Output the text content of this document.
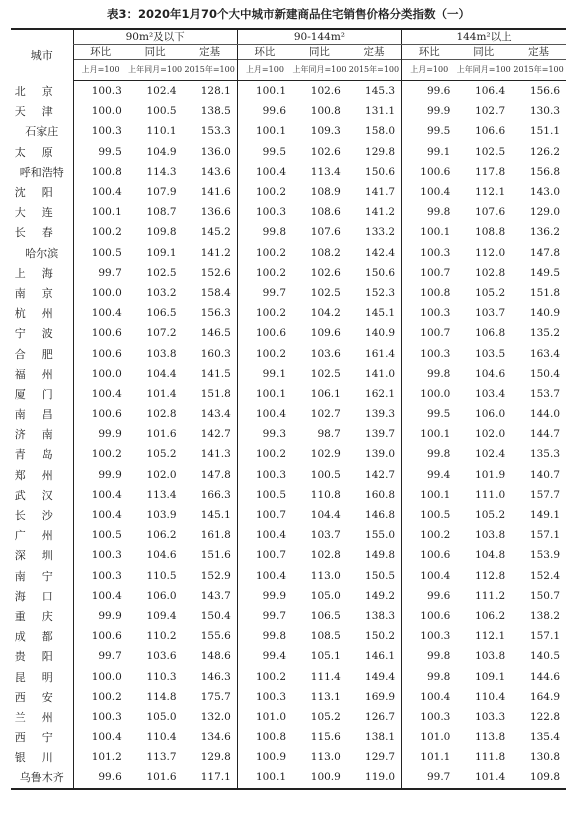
表3：2020年1月70个大中城市新建商品住宅销售价格分类指数（一）
城市	90m²及以下			90-144m²			144m²以上		
	环比	同比	定基	环比	同比	定基	环比	同比	定基
	上月=100	上年同月=100	2015年=100	上月=100	上年同月=100	2015年=100	上月=100	上年同月=100	2015年=100
北京	100.3	102.4	128.1	100.1	102.6	145.3	99.6	106.4	156.6
天津	100.0	100.5	138.5	99.6	100.8	131.1	99.9	102.7	130.3
石家庄	100.3	110.1	153.3	100.1	109.3	158.0	99.5	106.6	151.1
太原	99.5	104.9	136.0	99.5	102.6	129.8	99.1	102.5	126.2
呼和浩特	100.8	114.3	143.6	100.4	113.4	150.6	100.6	117.8	156.8
沈阳	100.4	107.9	141.6	100.2	108.9	141.7	100.4	112.1	143.0
大连	100.1	108.7	136.6	100.3	108.6	141.2	99.8	107.6	129.0
长春	100.2	109.8	145.2	99.8	107.6	133.2	100.1	108.8	136.2
哈尔滨	100.5	109.1	141.2	100.2	108.2	142.4	100.3	112.0	147.8
上海	99.7	102.5	152.6	100.2	102.6	150.6	100.7	102.8	149.5
南京	100.0	103.2	158.4	99.7	102.5	152.3	100.8	105.2	151.8
杭州	100.4	106.5	156.3	100.2	104.2	145.1	100.3	103.7	140.9
宁波	100.6	107.2	146.5	100.6	109.6	140.9	100.7	106.8	135.2
合肥	100.6	103.8	160.3	100.2	103.6	161.4	100.3	103.5	163.4
福州	100.0	104.4	141.5	99.1	102.5	141.0	99.8	104.6	150.4
厦门	100.4	101.4	151.8	100.1	106.1	162.1	100.0	103.4	153.7
南昌	100.6	102.8	143.4	100.4	102.7	139.3	99.5	106.0	144.0
济南	99.9	101.6	142.7	99.3	98.7	139.7	100.1	102.0	144.7
青岛	100.2	105.2	141.3	100.2	102.9	139.0	99.8	102.4	135.3
郑州	99.9	102.0	147.8	100.3	100.5	142.7	99.4	101.9	140.7
武汉	100.4	113.4	166.3	100.5	110.8	160.8	100.1	111.0	157.7
长沙	100.4	103.9	145.1	100.7	104.4	146.8	100.5	105.2	149.1
广州	100.5	106.2	161.8	100.4	103.7	155.0	100.2	103.8	157.1
深圳	100.3	104.6	151.6	100.7	102.8	149.8	100.6	104.8	153.9
南宁	100.3	110.5	152.9	100.4	113.0	150.5	100.4	112.8	152.4
海口	100.4	106.0	143.7	99.9	105.0	149.2	99.6	111.2	150.7
重庆	99.9	109.4	150.4	99.7	106.5	138.3	100.6	106.2	138.2
成都	100.6	110.2	155.6	99.8	108.5	150.2	100.3	112.1	157.1
贵阳	99.7	103.6	148.6	99.4	105.1	146.1	99.8	103.8	140.5
昆明	100.0	110.3	146.3	100.2	111.4	149.4	99.8	109.1	144.6
西安	100.2	114.8	175.7	100.3	113.1	169.9	100.4	110.4	164.9
兰州	100.3	105.0	132.0	101.0	105.2	126.7	100.3	103.3	122.8
西宁	100.4	110.4	134.6	100.8	115.6	138.1	101.0	113.8	135.4
银川	101.2	113.7	129.8	100.9	113.0	129.7	101.1	111.8	130.8
乌鲁木齐	99.6	101.6	117.1	100.1	100.9	119.0	99.7	101.4	109.8
